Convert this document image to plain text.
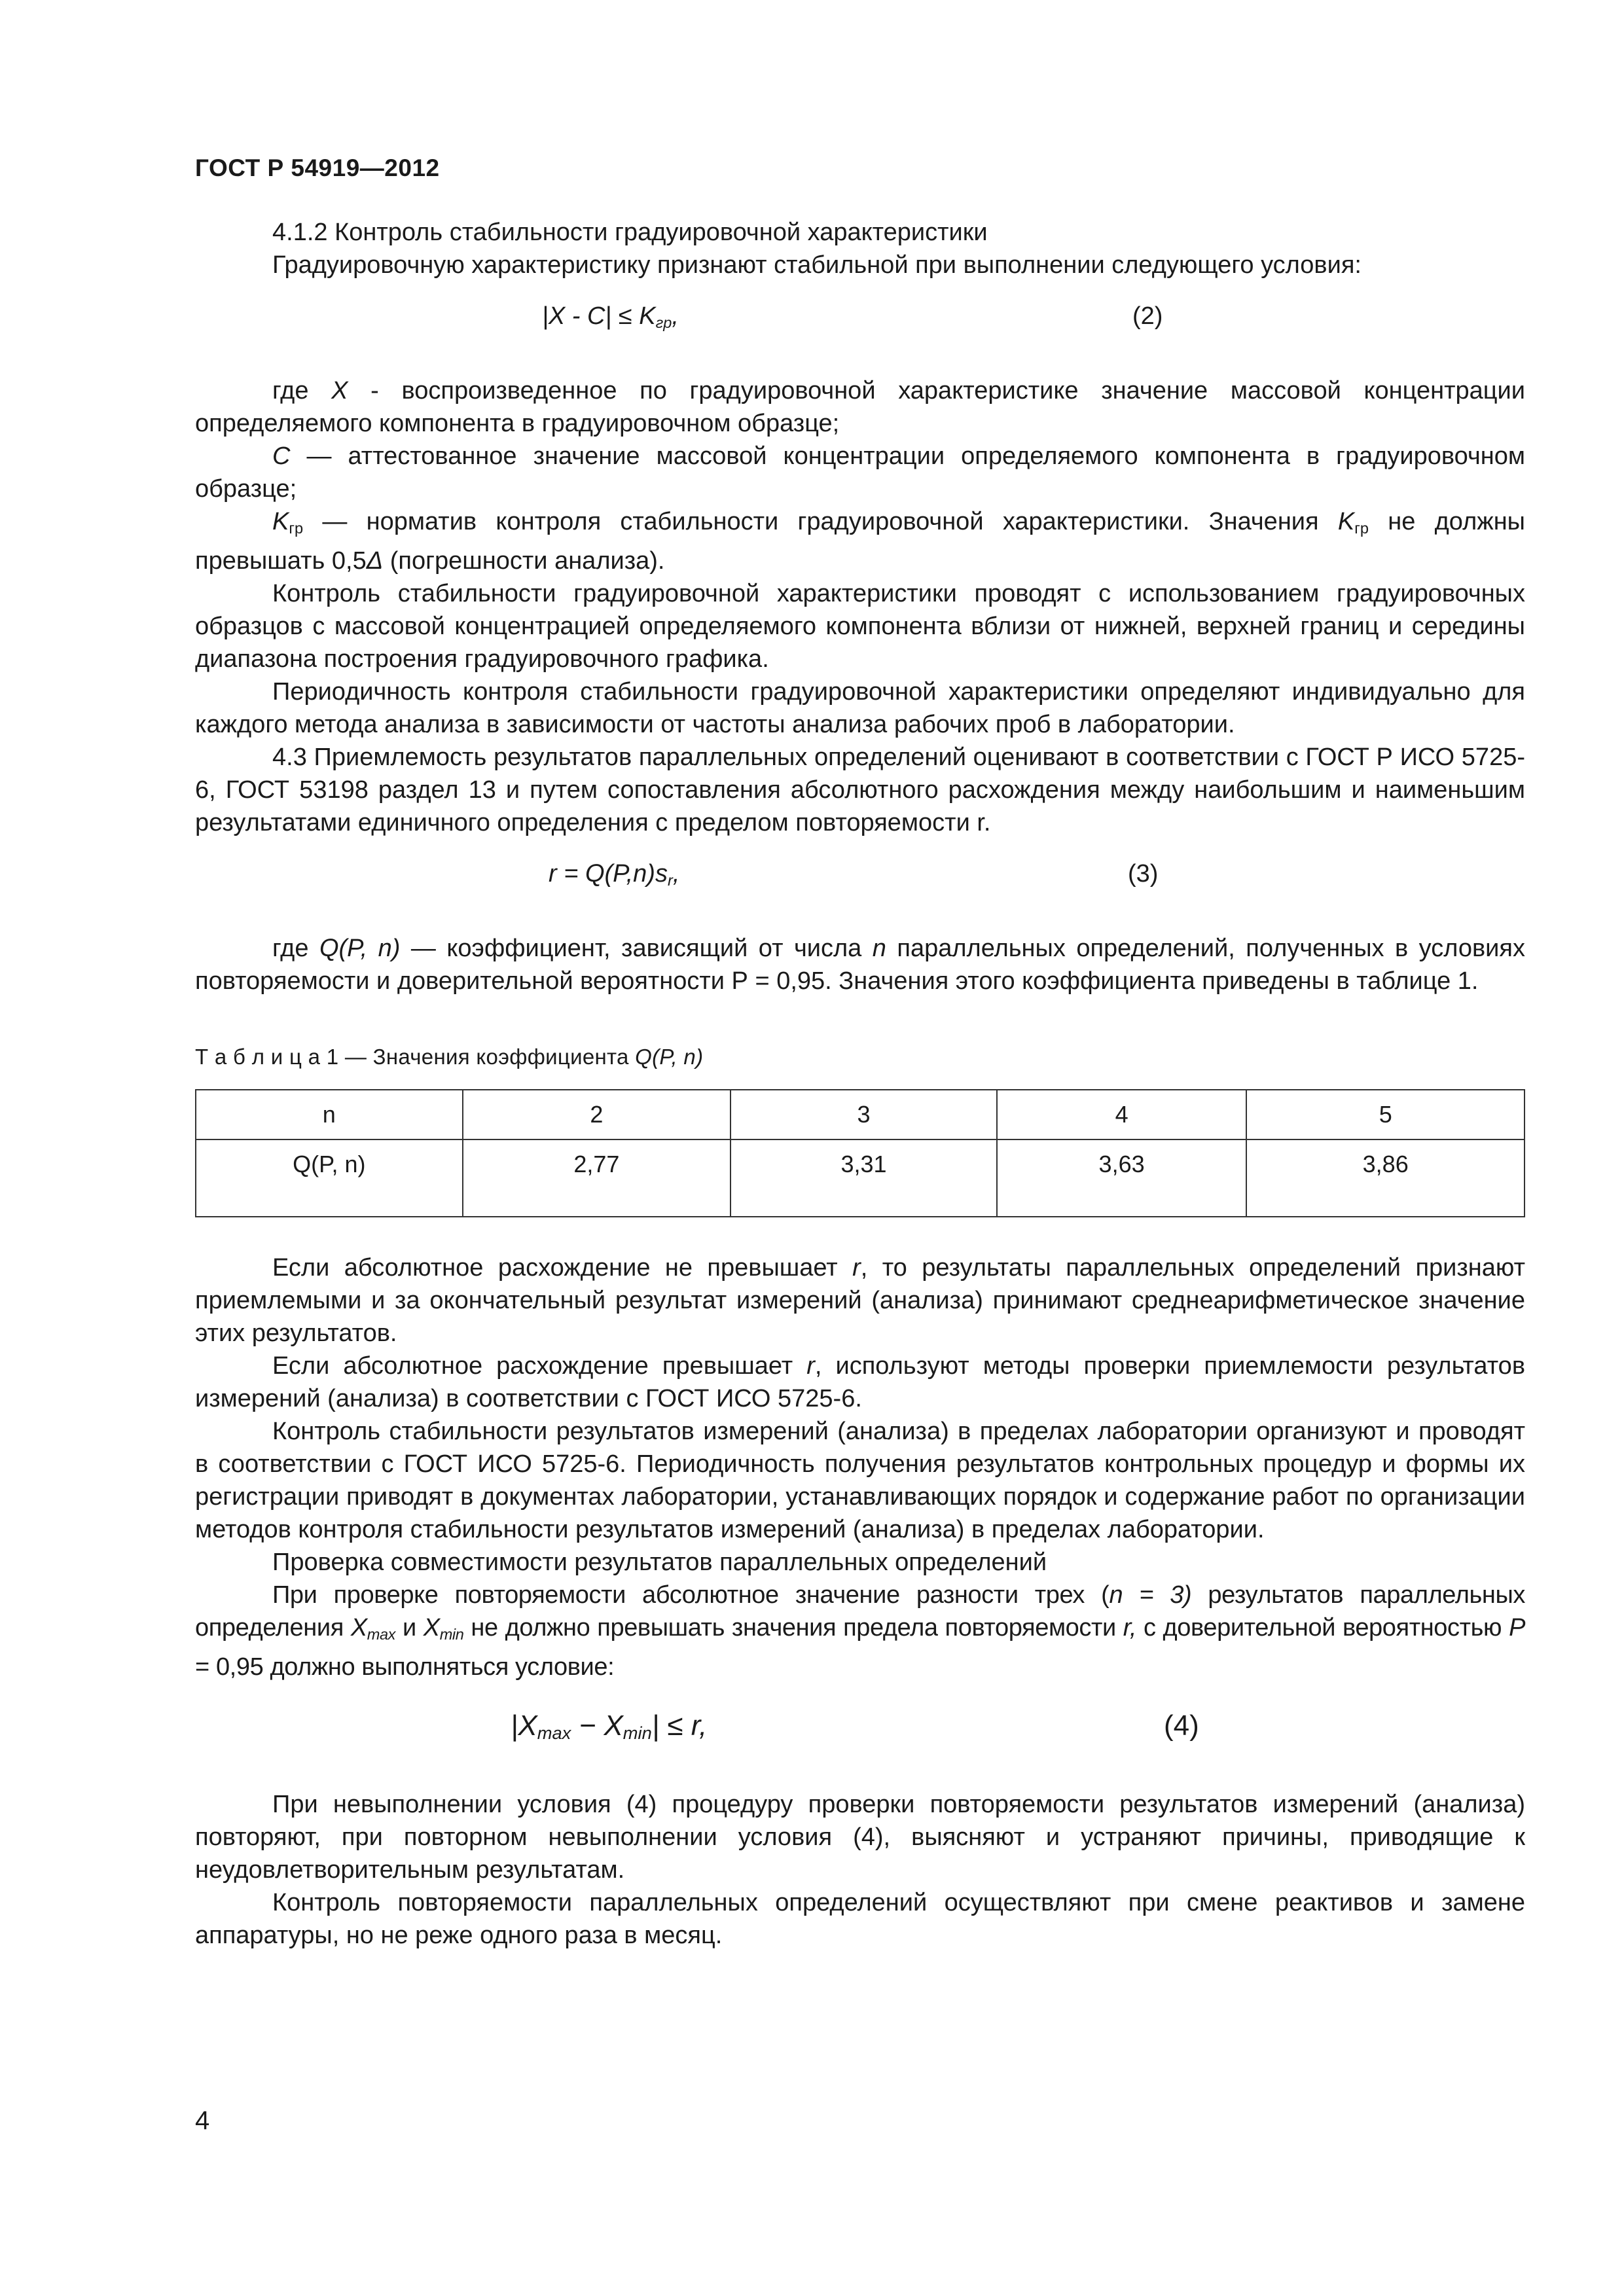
ГОСТ Р 54919—2012

4.1.2 Контроль стабильности градуировочной характеристики

Градуировочную характеристику признают стабильной при выполнении следующего условия:

$|X - C| \le K_{гр}$,	(2)

где X - воспроизведенное по градуировочной характеристике значение массовой концентрации определяемого компонента в градуировочном образце;

C — аттестованное значение массовой концентрации определяемого компонента в градуировочном образце;

$K_{гр}$ — норматив контроля стабильности градуировочной характеристики. Значения $K_{гр}$ не должны превышать 0,5Δ (погрешности анализа).

Контроль стабильности градуировочной характеристики проводят с использованием градуировочных образцов с массовой концентрацией определяемого компонента вблизи от нижней, верхней границ и середины диапазона построения градуировочного графика.

Периодичность контроля стабильности градуировочной характеристики определяют индивидуально для каждого метода анализа в зависимости от частоты анализа рабочих проб в лаборатории.

4.3 Приемлемость результатов параллельных определений оценивают в соответствии с ГОСТ Р ИСО 5725-6, ГОСТ 53198 раздел 13 и путем сопоставления абсолютного расхождения между наибольшим и наименьшим результатами единичного определения с пределом повторяемости r.

$r = Q(P,n)s_r$,	(3)

где Q(P, n) — коэффициент, зависящий от числа n параллельных определений, полученных в условиях повторяемости и доверительной вероятности Р = 0,95. Значения этого коэффициента приведены в таблице 1.

Т а б л и ц а 1 — Значения коэффициента Q(P, n)
n	2	3	4	5
Q(P, n)	2,77	3,31	3,63	3,86

Если абсолютное расхождение не превышает r, то результаты параллельных определений признают приемлемыми и за окончательный результат измерений (анализа) принимают среднеарифметическое значение этих результатов.

Если абсолютное расхождение превышает r, используют методы проверки приемлемости результатов измерений (анализа) в соответствии с ГОСТ ИСО 5725-6.

Контроль стабильности результатов измерений (анализа) в пределах лаборатории организуют и проводят в соответствии с ГОСТ ИСО 5725-6. Периодичность получения результатов контрольных процедур и формы их регистрации приводят в документах лаборатории, устанавливающих порядок и содержание работ по организации методов контроля стабильности результатов измерений (анализа) в пределах лаборатории.

Проверка совместимости результатов параллельных определений

При проверке повторяемости абсолютное значение разности трех (n = 3) результатов параллельных определения $X_{max}$ и $X_{min}$ не должно превышать значения предела повторяемости r, с доверительной вероятностью P = 0,95 должно выполняться условие:

$|X_{max} - X_{min}| \le r$,	(4)

При невыполнении условия (4) процедуру проверки повторяемости результатов измерений (анализа) повторяют, при повторном невыполнении условия (4), выясняют и устраняют причины, приводящие к неудовлетворительным результатам.

Контроль повторяемости параллельных определений осуществляют при смене реактивов и замене аппаратуры, но не реже одного раза в месяц.

4
